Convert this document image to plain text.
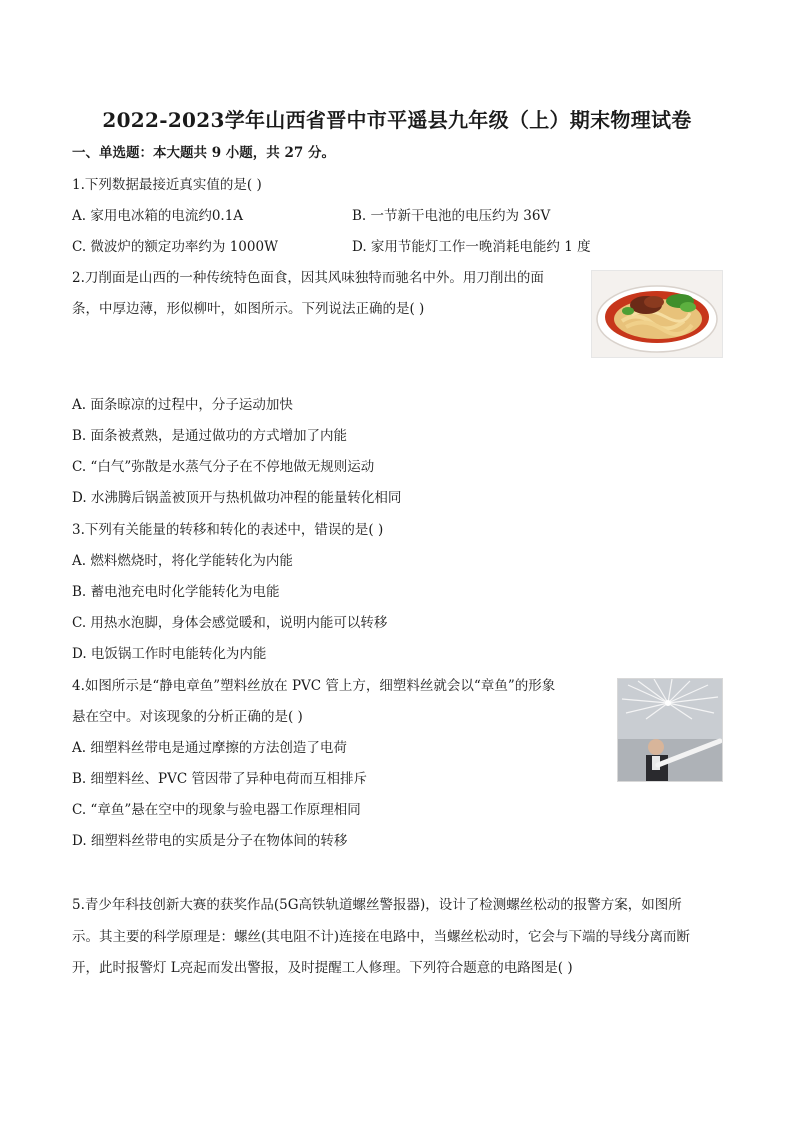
2022-2023学年山西省晋中市平遥县九年级（上）期末物理试卷
一、单选题：本大题共 9 小题，共 27 分。
1.下列数据最接近真实值的是( )
A. 家用电冰箱的电流约0.1A	B. 一节新干电池的电压约为 36V
C. 微波炉的额定功率约为 1000W	D. 家用节能灯工作一晚消耗电能约 1 度
2.刀削面是山西的一种传统特色面食，因其风味独特而驰名中外。用刀削出的面
条，中厚边薄，形似柳叶，如图所示。下列说法正确的是( )
A. 面条晾凉的过程中，分子运动加快
B. 面条被煮熟，是通过做功的方式增加了内能
C. “白气”弥散是水蒸气分子在不停地做无规则运动
D. 水沸腾后锅盖被顶开与热机做功冲程的能量转化相同
3.下列有关能量的转移和转化的表述中，错误的是( )
A. 燃料燃烧时，将化学能转化为内能
B. 蓄电池充电时化学能转化为电能
C. 用热水泡脚，身体会感觉暖和，说明内能可以转移
D. 电饭锅工作时电能转化为内能
4.如图所示是“静电章鱼”塑料丝放在 PVC 管上方，细塑料丝就会以“章鱼”的形象
悬在空中。对该现象的分析正确的是( )
A. 细塑料丝带电是通过摩擦的方法创造了电荷
B. 细塑料丝、PVC 管因带了异种电荷而互相排斥
C. “章鱼”悬在空中的现象与验电器工作原理相同
D. 细塑料丝带电的实质是分子在物体间的转移
5.青少年科技创新大赛的获奖作品(5G高铁轨道螺丝警报器)，设计了检测螺丝松动的报警方案，如图所
示。其主要的科学原理是：螺丝(其电阻不计)连接在电路中，当螺丝松动时，它会与下端的导线分离而断
开，此时报警灯 L亮起而发出警报，及时提醒工人修理。下列符合题意的电路图是( )
